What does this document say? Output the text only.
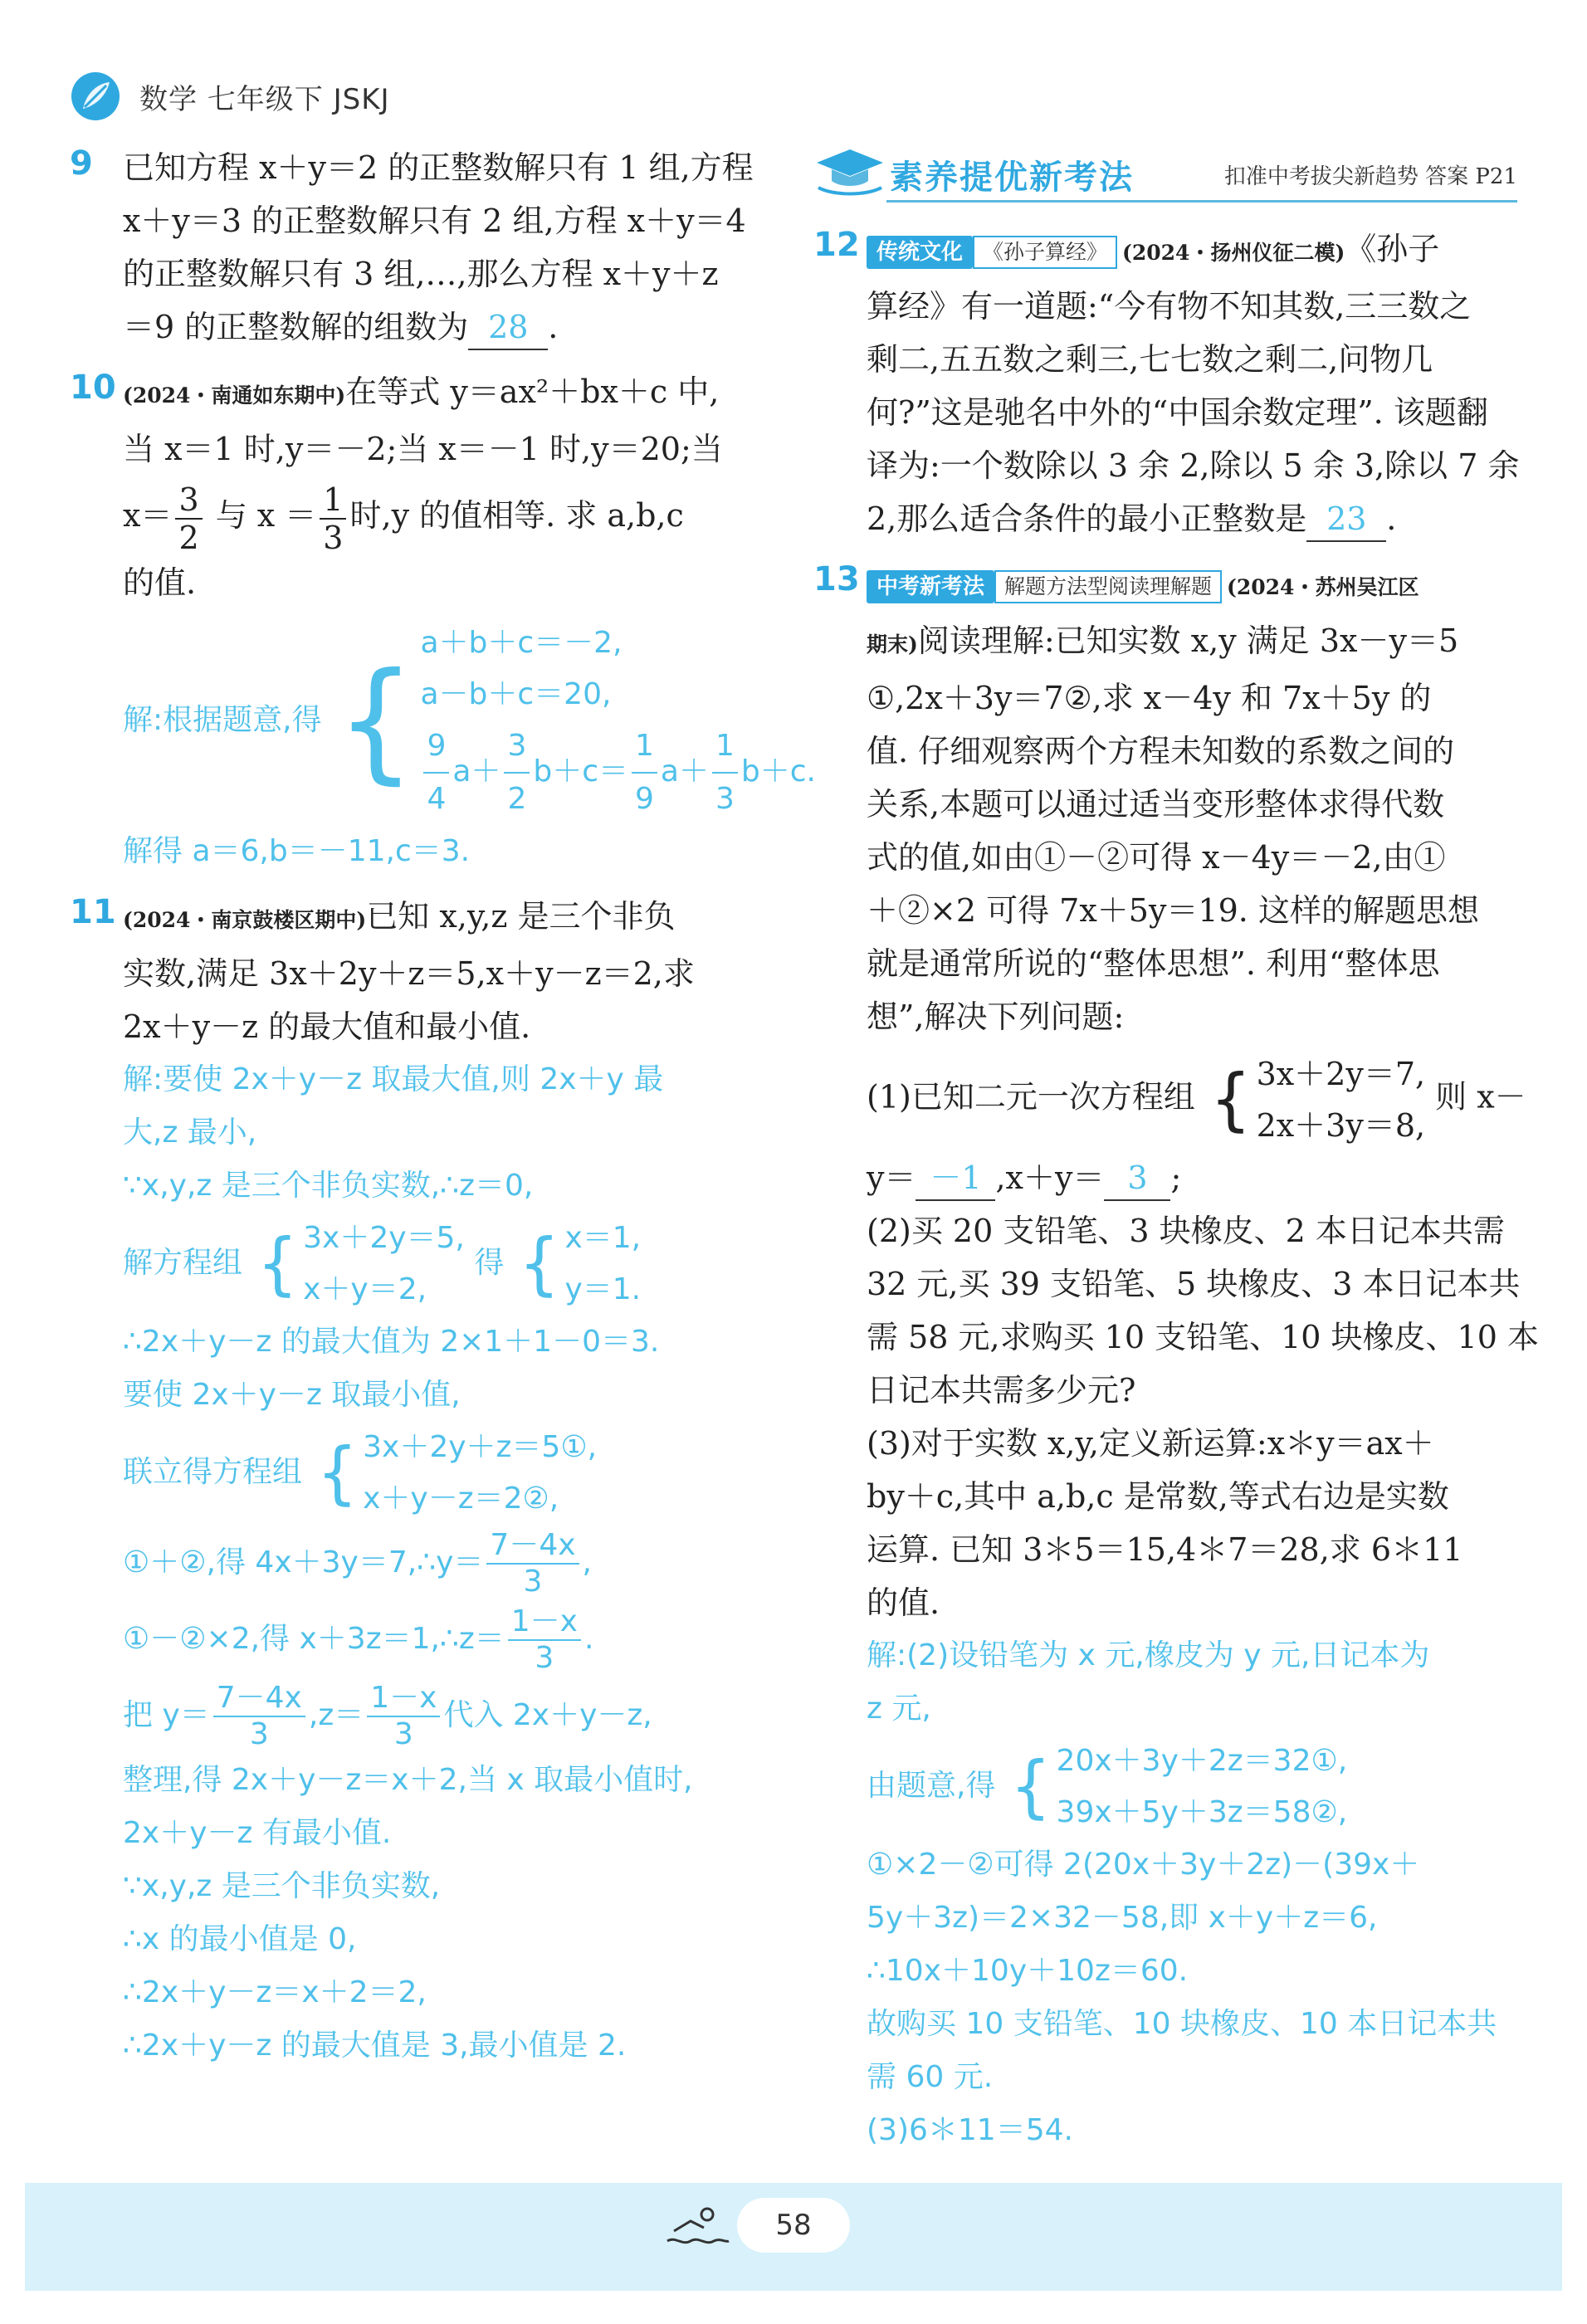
数学 七年级下 JSKJ
9 已知方程 x＋y＝2 的正整数解只有 1 组,方程
x＋y＝3 的正整数解只有 2 组,方程 x＋y＝4
的正整数解只有 3 组,…,那么方程 x＋y＋z
＝9 的正整数解的组数为 28 .
10 (2024・南通如东期中)在等式 y＝ax²＋bx＋c 中,
当 x＝1 时,y＝－2;当 x＝－1 时,y＝20;当
$x= \frac{3}{2}$ 与 $x = \frac{1}{3}$ 时,y 的值相等. 求 a,b,c
的值.
解:根据题意,得 {
a＋b＋c＝－2,
a－b＋c＝20,
$\frac{9}{4} a+ \frac{3}{2} b+c= \frac{1}{9} a+ \frac{1}{3} b+c$.
解得 a＝6,b＝－11,c＝3.
11 (2024・南京鼓楼区期中)已知 x,y,z 是三个非负
实数,满足 3x＋2y＋z＝5,x＋y－z＝2,求
2x＋y－z 的最大值和最小值.
解:要使 2x＋y－z 取最大值,则 2x＋y 最
大,z 最小,
∵x,y,z 是三个非负实数,∴z＝0,
解方程组 { 3x＋2y＝5,
x＋y＝2,
得 { x＝1,
y＝1.
∴2x＋y－z 的最大值为 2×1＋1－0＝3.
要使 2x＋y－z 取最小值,
联立得方程组 { 3x＋2y＋z＝5①,
x＋y－z＝2②,
①＋②,得 4x＋3y＝7,∴y＝ $\frac{7-4x}{3}$ ,
①－②×2,得 x＋3z＝1,∴z＝ $\frac{1-x}{3}$ .
把 $y= \frac{7-4x}{3} ,z= \frac{1-x}{3}$ 代入 2x＋y－z,
整理,得 2x＋y－z＝x＋2,当 x 取最小值时,
2x＋y－z 有最小值.
∵x,y,z 是三个非负实数,
∴x 的最小值是 0,
∴2x＋y－z＝x＋2＝2,
∴2x＋y－z 的最大值是 3,最小值是 2.
素养提优新考法	扣准中考拔尖新趋势 答案 P21
12 传统文化 《孙子算经》 (2024・扬州仪征二模)《孙子
算经》有一道题:“今有物不知其数,三三数之
剩二,五五数之剩三,七七数之剩二,问物几
何?”这是驰名中外的“中国余数定理”. 该题翻
译为:一个数除以 3 余 2,除以 5 余 3,除以 7 余
2,那么适合条件的最小正整数是 23 .
13 中考新考法 解题方法型阅读理解题 (2024・苏州吴江区
期末)阅读理解:已知实数 x,y 满足 3x－y＝5
①,2x＋3y＝7②,求 x－4y 和 7x＋5y 的
值. 仔细观察两个方程未知数的系数之间的
关系,本题可以通过适当变形整体求得代数
式的值,如由①－②可得 x－4y＝－2,由①
＋②×2 可得 7x＋5y＝19. 这样的解题思想
就是通常所说的“整体思想”. 利用“整体思
想”,解决下列问题:
(1)已知二元一次方程组 { 3x＋2y＝7,
2x＋3y＝8,
则 x－
y＝ －1 ,x＋y＝ 3 ;
(2)买 20 支铅笔、3 块橡皮、2 本日记本共需
32 元,买 39 支铅笔、5 块橡皮、3 本日记本共
需 58 元,求购买 10 支铅笔、10 块橡皮、10 本
日记本共需多少元?
(3)对于实数 x,y,定义新运算:x＊y＝ax＋
by＋c,其中 a,b,c 是常数,等式右边是实数
运算. 已知 3＊5＝15,4＊7＝28,求 6＊11
的值.
解:(2)设铅笔为 x 元,橡皮为 y 元,日记本为
z 元,
由题意,得 { 20x＋3y＋2z＝32①,
39x＋5y＋3z＝58②,
①×2－②可得 2(20x＋3y＋2z)－(39x＋
5y＋3z)＝2×32－58,即 x＋y＋z＝6,
∴10x＋10y＋10z＝60.
故购买 10 支铅笔、10 块橡皮、10 本日记本共
需 60 元.
(3)6＊11＝54.
58
